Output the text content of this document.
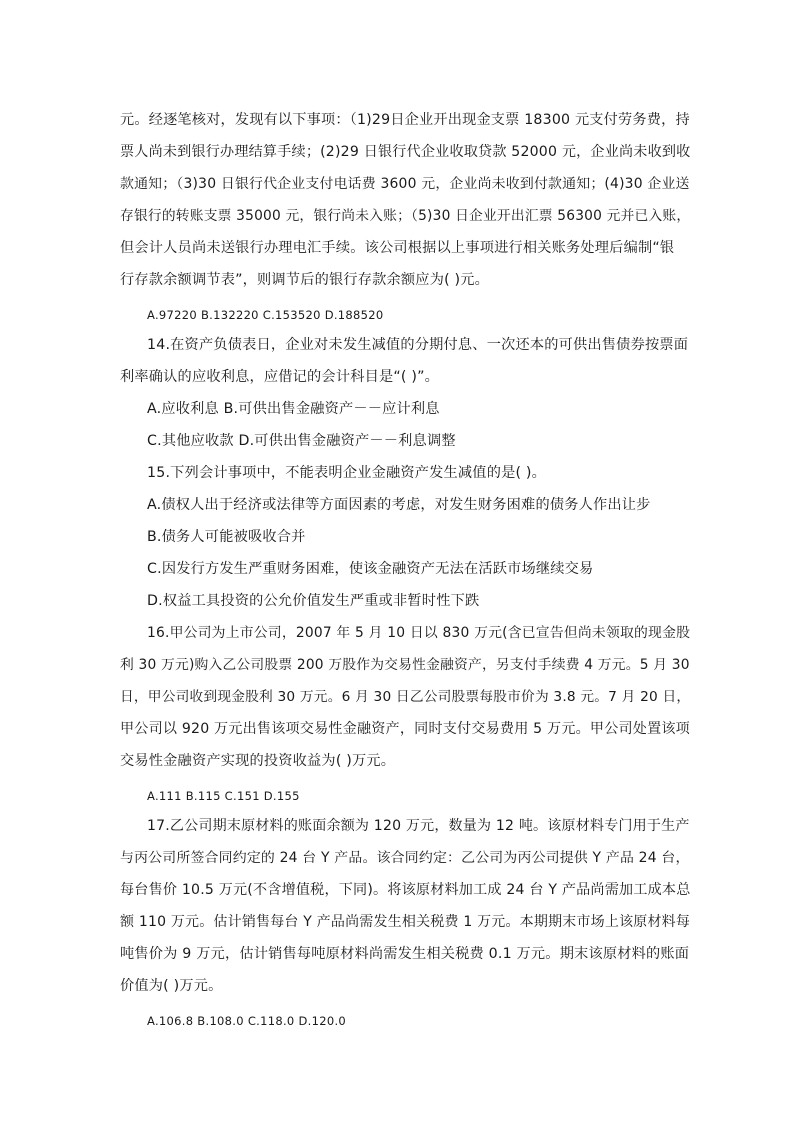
元。经逐笔核对，发现有以下事项：（1)29日企业开出现金支票 18300 元支付劳务费，持
票人尚未到银行办理结算手续；(2)29 日银行代企业收取贷款 52000 元，企业尚未收到收
款通知；（3)30 日银行代企业支付电话费 3600 元，企业尚未收到付款通知；(4)30 企业送
存银行的转账支票 35000 元，银行尚未入账；（5)30 日企业开出汇票 56300 元并已入账，
但会计人员尚未送银行办理电汇手续。该公司根据以上事项进行相关账务处理后编制“银
行存款余额调节表”，则调节后的银行存款余额应为( )元。
A.97220 B.132220 C.153520 D.188520
14.在资产负债表日，企业对未发生减值的分期付息、一次还本的可供出售债券按票面
利率确认的应收利息，应借记的会计科目是“( )”。
A.应收利息 B.可供出售金融资产－－应计利息
C.其他应收款 D.可供出售金融资产－－利息调整
15.下列会计事项中，不能表明企业金融资产发生减值的是( )。
A.债权人出于经济或法律等方面因素的考虑，对发生财务困难的债务人作出让步
B.债务人可能被吸收合并
C.因发行方发生严重财务困难，使该金融资产无法在活跃市场继续交易
D.权益工具投资的公允价值发生严重或非暂时性下跌
16.甲公司为上市公司，2007 年 5 月 10 日以 830 万元(含已宣告但尚未领取的现金股
利 30 万元)购入乙公司股票 200 万股作为交易性金融资产，另支付手续费 4 万元。5 月 30
日，甲公司收到现金股利 30 万元。6 月 30 日乙公司股票每股市价为 3.8 元。7 月 20 日，
甲公司以 920 万元出售该项交易性金融资产，同时支付交易费用 5 万元。甲公司处置该项
交易性金融资产实现的投资收益为( )万元。
A.111 B.115 C.151 D.155
17.乙公司期末原材料的账面余额为 120 万元，数量为 12 吨。该原材料专门用于生产
与丙公司所签合同约定的 24 台 Y 产品。该合同约定：乙公司为丙公司提供 Y 产品 24 台，
每台售价 10.5 万元(不含增值税，下同)。将该原材料加工成 24 台 Y 产品尚需加工成本总
额 110 万元。估计销售每台 Y 产品尚需发生相关税费 1 万元。本期期末市场上该原材料每
吨售价为 9 万元，估计销售每吨原材料尚需发生相关税费 0.1 万元。期末该原材料的账面
价值为( )万元。
A.106.8 B.108.0 C.118.0 D.120.0
